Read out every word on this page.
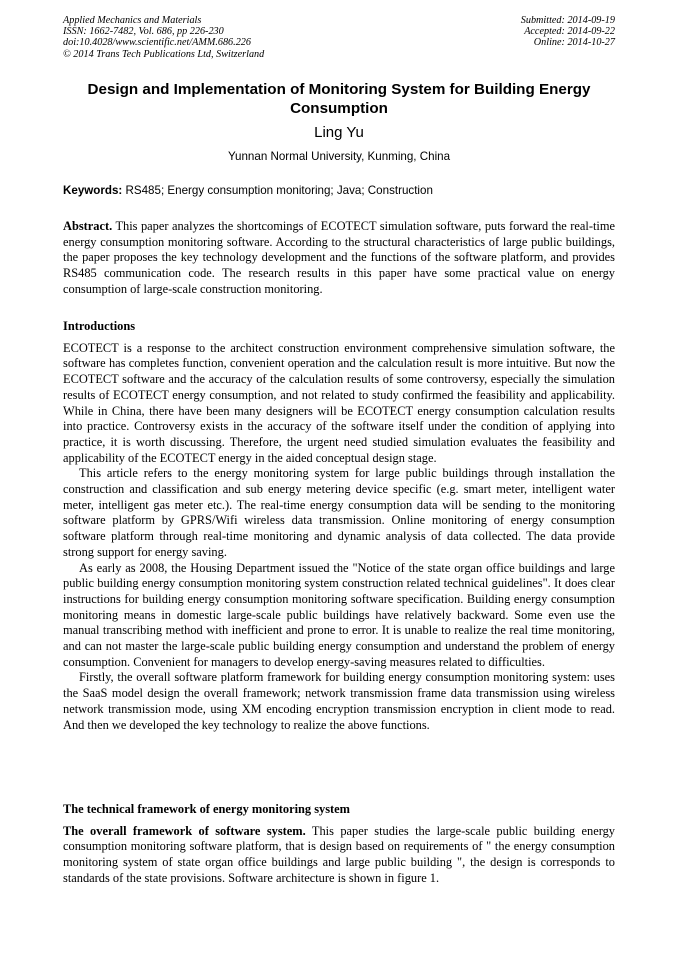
Applied Mechanics and Materials
ISSN: 1662-7482, Vol. 686, pp 226-230
doi:10.4028/www.scientific.net/AMM.686.226
© 2014 Trans Tech Publications Ltd, Switzerland
Submitted: 2014-09-19
Accepted: 2014-09-22
Online: 2014-10-27
Design and Implementation of Monitoring System for Building Energy Consumption
Ling Yu
Yunnan Normal University, Kunming, China
Keywords: RS485; Energy consumption monitoring; Java; Construction

Abstract. This paper analyzes the shortcomings of ECOTECT simulation software, puts forward the real-time energy consumption monitoring software. According to the structural characteristics of large public buildings, the paper proposes the key technology development and the functions of the software platform, and provides RS485 communication code. The research results in this paper have some practical value on energy consumption of large-scale construction monitoring.

Introductions

ECOTECT is a response to the architect construction environment comprehensive simulation software, the software has completes function, convenient operation and the calculation result is more intuitive. But now the ECOTECT software and the accuracy of the calculation results of some controversy, especially the simulation results of ECOTECT energy consumption, and not related to study confirmed the feasibility and applicability. While in China, there have been many designers will be ECOTECT energy consumption calculation results into practice. Controversy exists in the accuracy of the software itself under the condition of applying into practice, it is worth discussing. Therefore, the urgent need studied simulation evaluates the feasibility and applicability of the ECOTECT energy in the aided conceptual design stage.

This article refers to the energy monitoring system for large public buildings through installation the construction and classification and sub energy metering device specific (e.g. smart meter, intelligent water meter, intelligent gas meter etc.). The real-time energy consumption data will be sending to the monitoring software platform by GPRS/Wifi wireless data transmission. Online monitoring of energy consumption software platform through real-time monitoring and dynamic analysis of data collected. The data provide strong support for energy saving.

As early as 2008, the Housing Department issued the "Notice of the state organ office buildings and large public building energy consumption monitoring system construction related technical guidelines". It does clear instructions for building energy consumption monitoring software specification. Building energy consumption monitoring means in domestic large-scale public buildings have relatively backward. Some even use the manual transcribing method with inefficient and prone to error. It is unable to realize the real time monitoring, and can not master the large-scale public building energy consumption and understand the problem of energy consumption. Convenient for managers to develop energy-saving measures related to difficulties.

Firstly, the overall software platform framework for building energy consumption monitoring system: uses the SaaS model design the overall framework; network transmission frame data transmission using wireless network transmission mode, using XM encoding encryption transmission encryption in client mode to read. And then we developed the key technology to realize the above functions.

The technical framework of energy monitoring system

The overall framework of software system. This paper studies the large-scale public building energy consumption monitoring software platform, that is design based on requirements of " the energy consumption monitoring system of state organ office buildings and large public building ", the design is corresponds to standards of the state provisions. Software architecture is shown in figure 1.
